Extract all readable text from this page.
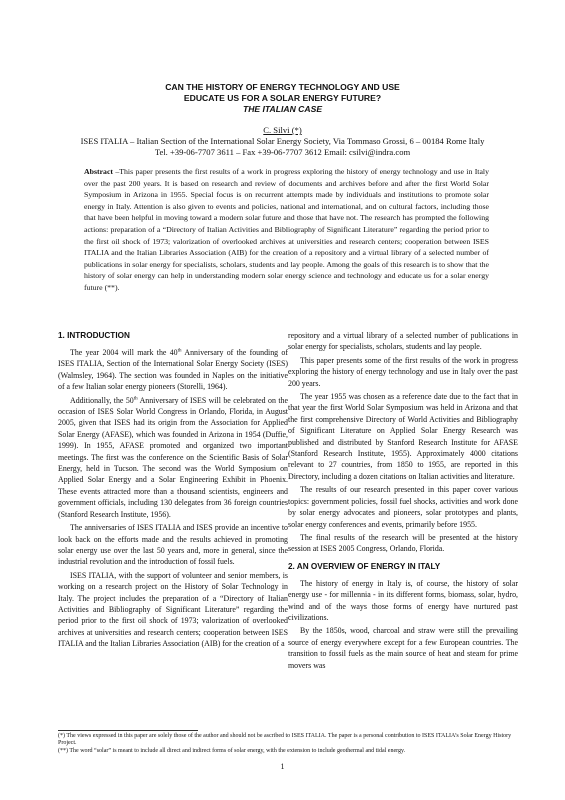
CAN THE HISTORY OF ENERGY TECHNOLOGY AND USE
EDUCATE US FOR A SOLAR ENERGY FUTURE?
THE ITALIAN CASE
C. Silvi (*)
ISES ITALIA – Italian Section of the International Solar Energy Society, Via Tommaso Grossi, 6 – 00184 Rome Italy
Tel. +39-06-7707 3611 – Fax +39-06-7707 3612 Email: csilvi@indra.com
Abstract –This paper presents the first results of a work in progress exploring the history of energy technology and use in Italy over the past 200 years. It is based on research and review of documents and archives before and after the first World Solar Symposium in Arizona in 1955. Special focus is on recurrent attempts made by individuals and institutions to promote solar energy in Italy. Attention is also given to events and policies, national and international, and on cultural factors, including those that have been helpful in moving toward a modern solar future and those that have not. The research has prompted the following actions: preparation of a “Directory of Italian Activities and Bibliography of Significant Literature” regarding the period prior to the first oil shock of 1973; valorization of overlooked archives at universities and research centers; cooperation between ISES ITALIA and the Italian Libraries Association (AIB) for the creation of a repository and a virtual library of a selected number of publications in solar energy for specialists, scholars, students and lay people. Among the goals of this research is to show that the history of solar energy can help in understanding modern solar energy science and technology and educate us for a solar energy future (**).
1. INTRODUCTION

The year 2004 will mark the 40th Anniversary of the founding of ISES ITALIA, Section of the International Solar Energy Society (ISES) (Walmsley, 1964). The section was founded in Naples on the initiative of a few Italian solar energy pioneers (Storelli, 1964).

Additionally, the 50th Anniversary of ISES will be celebrated on the occasion of ISES Solar World Congress in Orlando, Florida, in August 2005, given that ISES had its origin from the Association for Applied Solar Energy (AFASE), which was founded in Arizona in 1954 (Duffie, 1999). In 1955, AFASE promoted and organized two important meetings. The first was the conference on the Scientific Basis of Solar Energy, held in Tucson. The second was the World Symposium on Applied Solar Energy and a Solar Engineering Exhibit in Phoenix. These events attracted more than a thousand scientists, engineers and government officials, including 130 delegates from 36 foreign countries (Stanford Research Institute, 1956).

The anniversaries of ISES ITALIA and ISES provide an incentive to look back on the efforts made and the results achieved in promoting solar energy use over the last 50 years and, more in general, since the industrial revolution and the introduction of fossil fuels.

ISES ITALIA, with the support of volunteer and senior members, is working on a research project on the History of Solar Technology in Italy. The project includes the preparation of a “Directory of Italian Activities and Bibliography of Significant Literature” regarding the period prior to the first oil shock of 1973; valorization of overlooked archives at universities and research centers; cooperation between ISES ITALIA and the Italian Libraries Association (AIB) for the creation of a

repository and a virtual library of a selected number of publications in solar energy for specialists, scholars, students and lay people.

This paper presents some of the first results of the work in progress exploring the history of energy technology and use in Italy over the past 200 years.

The year 1955 was chosen as a reference date due to the fact that in that year the first World Solar Symposium was held in Arizona and that the first comprehensive Directory of World Activities and Bibliography of Significant Literature on Applied Solar Energy Research was published and distributed by Stanford Research Institute for AFASE (Stanford Research Institute, 1955). Approximately 4000 citations relevant to 27 countries, from 1850 to 1955, are reported in this Directory, including a dozen citations on Italian activities and literature.

The results of our research presented in this paper cover various topics: government policies, fossil fuel shocks, activities and work done by solar energy advocates and pioneers, solar prototypes and plants, solar energy conferences and events, primarily before 1955.

The final results of the research will be presented at the history session at ISES 2005 Congress, Orlando, Florida.

2. AN OVERVIEW OF ENERGY IN ITALY

The history of energy in Italy is, of course, the history of solar energy use - for millennia - in its different forms, biomass, solar, hydro, wind and of the ways those forms of energy have nurtured past civilizations.

By the 1850s, wood, charcoal and straw were still the prevailing source of energy everywhere except for a few European countries. The transition to fossil fuels as the main source of heat and steam for prime movers was

(*) The views expressed in this paper are solely those of the author and should not be ascribed to ISES ITALIA. The paper is a personal contribution to ISES ITALIA’s Solar Energy History Project.
(**) The word “solar” is meant to include all direct and indirect forms of solar energy, with the extension to include geothermal and tidal energy.
1
